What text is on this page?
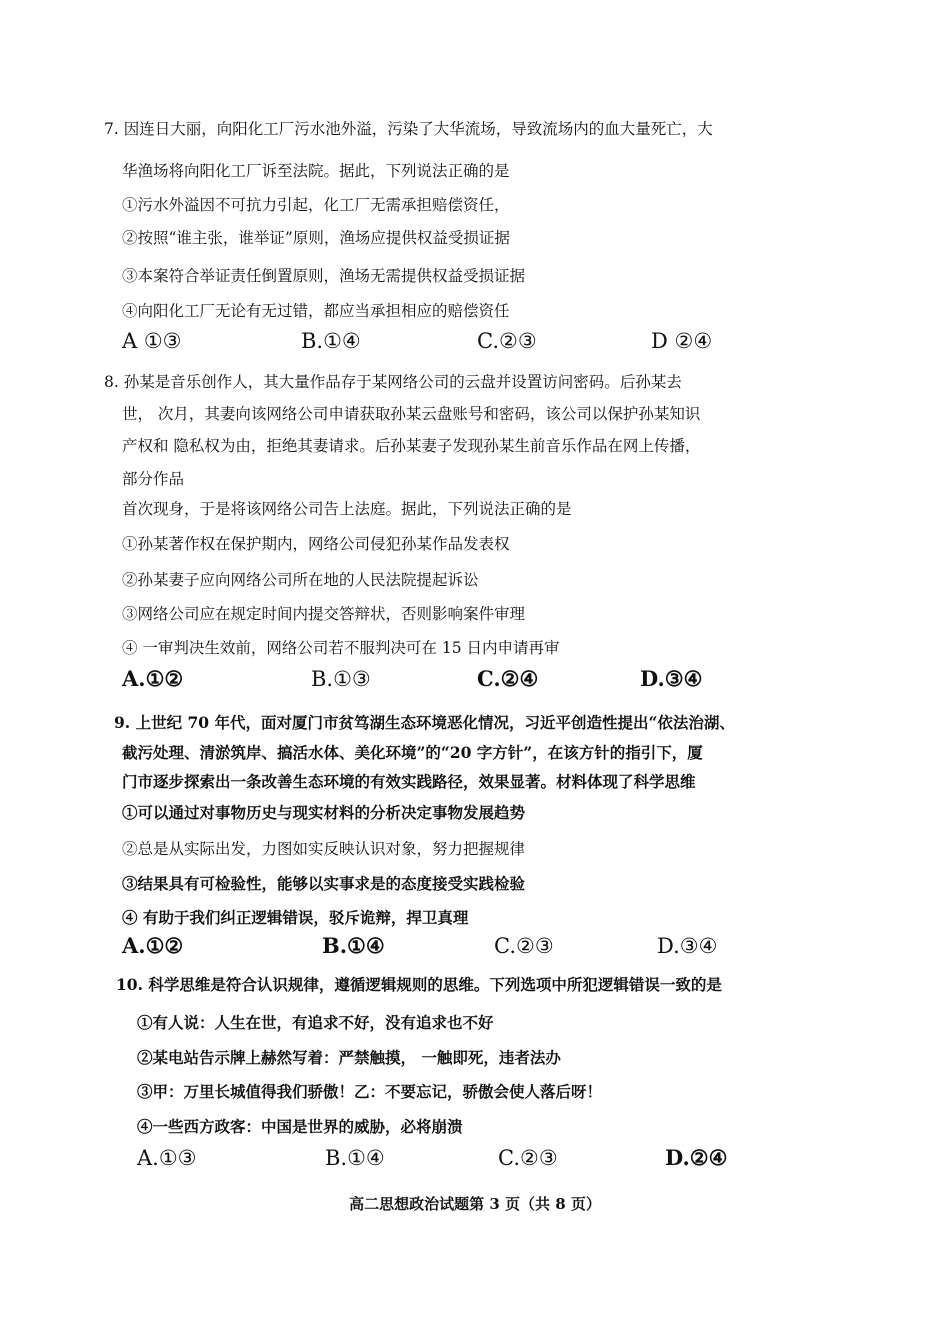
7. 因连日大丽，向阳化工厂污水池外溢，污染了大华流场，导致流场内的血大量死亡，大
华渔场将向阳化工厂诉至法院。据此，下列说法正确的是
①污水外溢因不可抗力引起，化工厂无需承担赔偿资任，
②按照“谁主张，谁举证”原则，渔场应提供权益受损证据
③本案符合举证责任倒置原则，渔场无需提供权益受损证据
④向阳化工厂无论有无过错，都应当承担相应的赔偿资任
A ①③	B.①④	C.②③	D ②④
8. 孙某是音乐创作人，其大量作品存于某网络公司的云盘并设置访问密码。后孙某去
世， 次月，其妻向该网络公司申请获取孙某云盘账号和密码，该公司以保护孙某知识
产权和 隐私权为由，拒绝其妻请求。后孙某妻子发现孙某生前音乐作品在网上传播，
部分作品
首次现身，于是将该网络公司告上法庭。据此，下列说法正确的是
①孙某著作权在保护期内，网络公司侵犯孙某作品发表权
②孙某妻子应向网络公司所在地的人民法院提起诉讼
③网络公司应在规定时间内提交答辩状，否则影响案件审理
④ 一审判决生效前，网络公司若不服判决可在 15 日内申请再审
A.①②	B.①③	C.②④	D.③④
9. 上世纪 70 年代，面对厦门市贫笃湖生态环境恶化情况，习近平创造性提出“依法治湖、
截污处理、清淤筑岸、搞活水体、美化环境”的“20 字方针”，在该方针的指引下，厦
门市逐步探索出一条改善生态环境的有效实践路径，效果显著。材料体现了科学思维
①可以通过对事物历史与现实材料的分析决定事物发展趋势
②总是从实际出发，力图如实反映认识对象，努力把握规律
③结果具有可检验性，能够以实事求是的态度接受实践检验
④ 有助于我们纠正逻辑错误，驳斥诡辩，捍卫真理
A.①②	B.①④	C.②③	D.③④
10. 科学思维是符合认识规律，遵循逻辑规则的思维。下列选项中所犯逻辑错误一致的是
①有人说：人生在世，有追求不好，没有追求也不好
②某电站告示牌上赫然写着：严禁触摸， 一触即死，违者法办
③甲：万里长城值得我们骄傲！乙：不要忘记，骄傲会使人落后呀！
④一些西方政客：中国是世界的威胁，必将崩溃
A.①③	B.①④	C.②③	D.②④
高二思想政治试题第 3 页（共 8 页）
